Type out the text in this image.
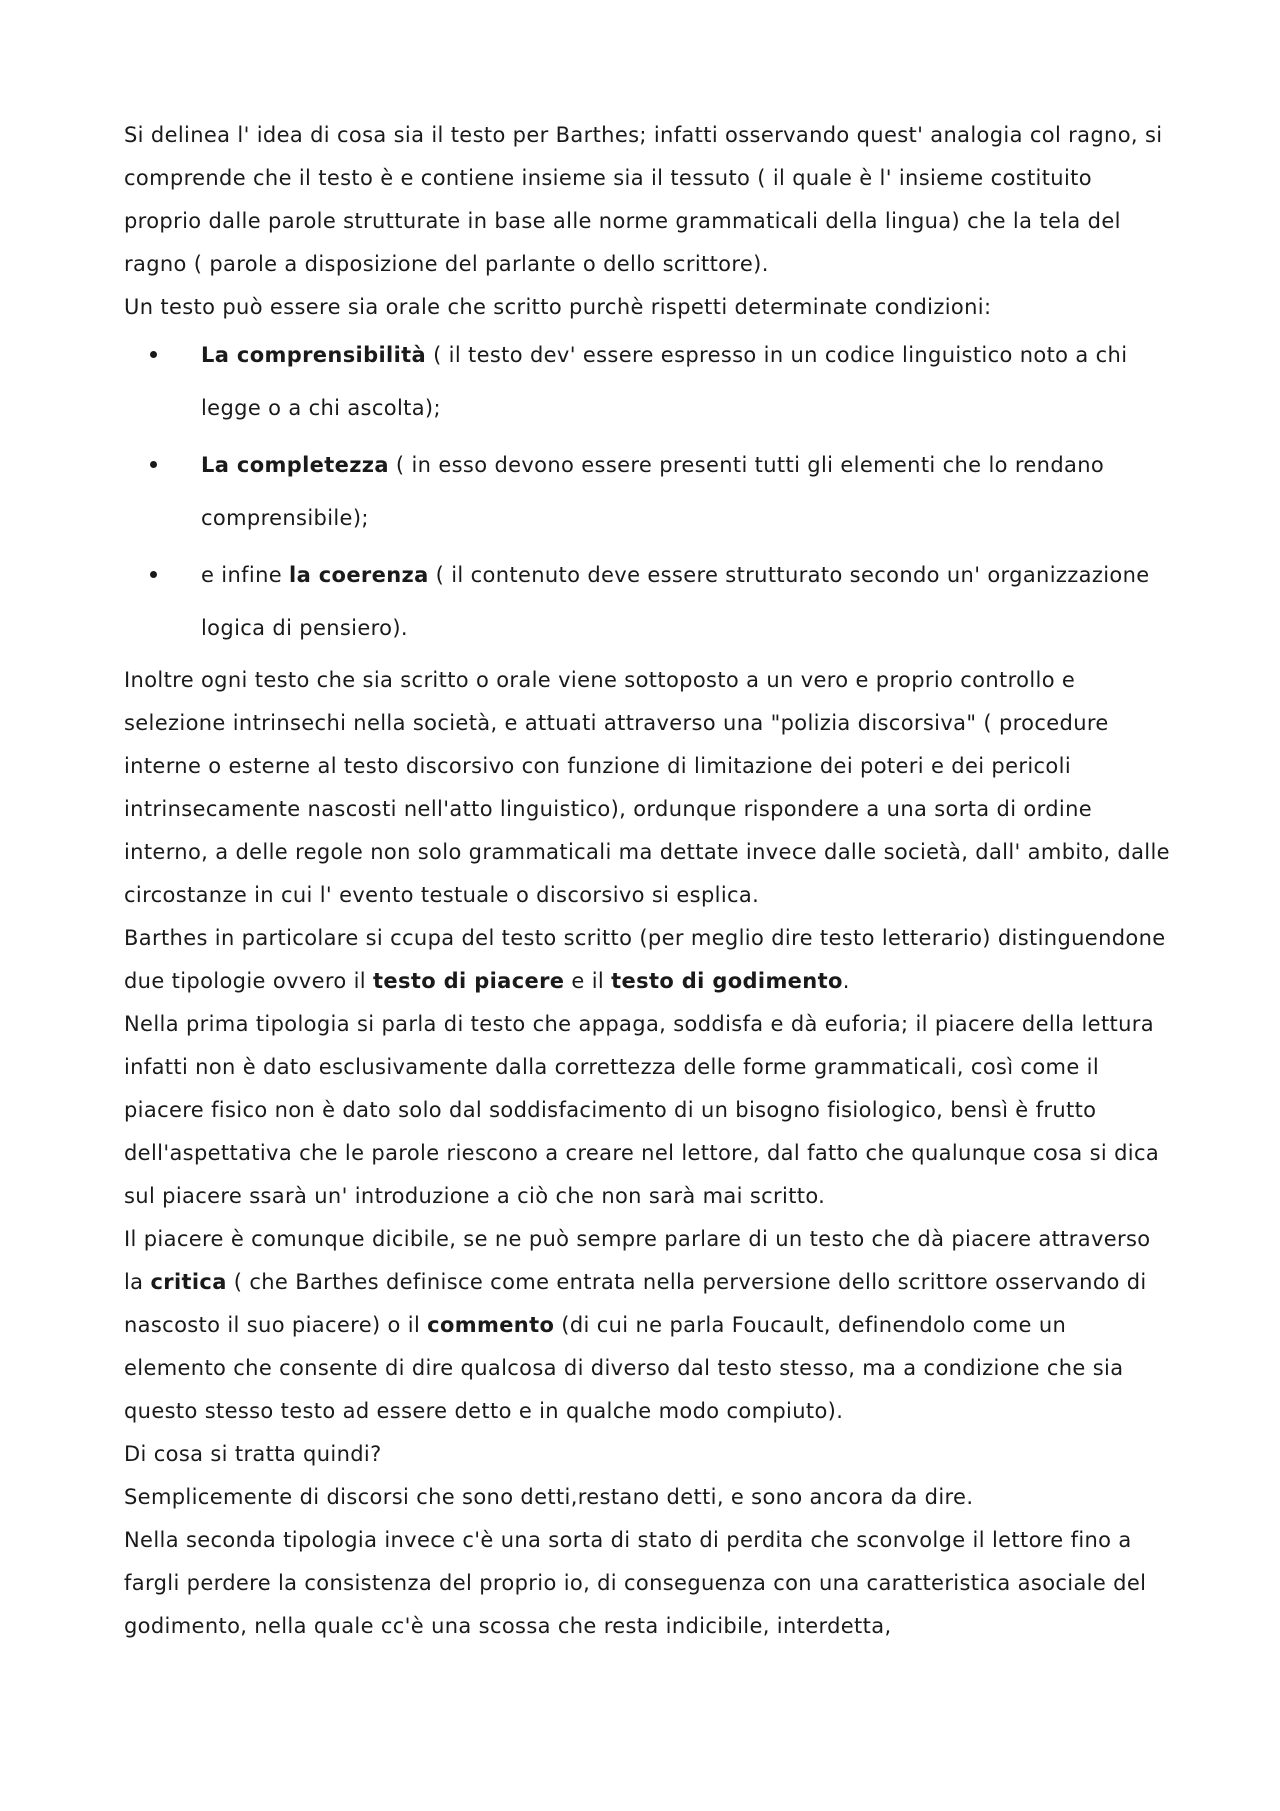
Si delinea l' idea di cosa sia il testo per Barthes; infatti osservando quest' analogia col ragno, si comprende che il testo è e contiene insieme sia il tessuto ( il quale è l' insieme costituito proprio dalle parole strutturate in base alle norme grammaticali della lingua) che la tela del ragno ( parole a disposizione del parlante o dello scrittore).

Un testo può essere sia orale che scritto purchè rispetti determinate condizioni:

La comprensibilità ( il testo dev' essere espresso in un codice linguistico noto a chi legge o a chi ascolta);
La completezza ( in esso devono essere presenti tutti gli elementi che lo rendano comprensibile);
e infine la coerenza ( il contenuto deve essere strutturato secondo un' organizzazione logica di pensiero).

Inoltre ogni testo che sia scritto o orale viene sottoposto a un vero e proprio controllo e selezione intrinsechi nella società, e attuati attraverso una "polizia discorsiva" ( procedure interne o esterne al testo discorsivo con funzione di limitazione dei poteri e dei pericoli intrinsecamente nascosti nell'atto linguistico), ordunque rispondere a una sorta di ordine interno, a delle regole non solo grammaticali ma dettate invece dalle società, dall' ambito, dalle circostanze in cui l' evento testuale o discorsivo si esplica.

Barthes in particolare si ccupa del testo scritto (per meglio dire testo letterario) distinguendone due tipologie ovvero il testo di piacere e il testo di godimento.

Nella prima tipologia si parla di testo che appaga, soddisfa e dà euforia; il piacere della lettura infatti non è dato esclusivamente dalla correttezza delle forme grammaticali, così come il piacere fisico non è dato solo dal soddisfacimento di un bisogno fisiologico, bensì è frutto dell'aspettativa che le parole riescono a creare nel lettore, dal fatto che qualunque cosa si dica sul piacere ssarà un' introduzione a ciò che non sarà mai scritto.

Il piacere è comunque dicibile, se ne può sempre parlare di un testo che dà piacere attraverso la critica ( che Barthes definisce come entrata nella perversione dello scrittore osservando di nascosto il suo piacere) o il commento (di cui ne parla Foucault, definendolo come un elemento che consente di dire qualcosa di diverso dal testo stesso, ma a condizione che sia questo stesso testo ad essere detto e in qualche modo compiuto).

Di cosa si tratta quindi?

Semplicemente di discorsi che sono detti,restano detti, e sono ancora da dire.

Nella seconda tipologia invece c'è una sorta di stato di perdita che sconvolge il lettore fino a fargli perdere la consistenza del proprio io, di conseguenza con una caratteristica asociale del godimento, nella quale cc'è una scossa che resta indicibile, interdetta,
